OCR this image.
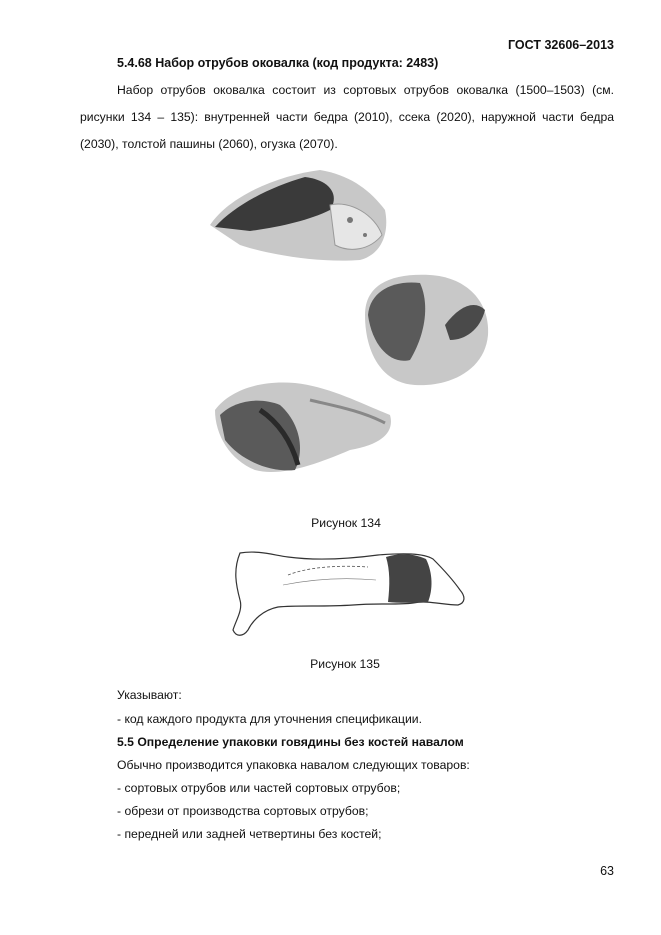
ГОСТ 32606–2013
5.4.68 Набор отрубов оковалка (код продукта: 2483)
Набор отрубов оковалка состоит из сортовых отрубов оковалка (1500–1503) (см. рисунки 134 – 135): внутренней части бедра (2010), ссека (2020), наружной части бедра (2030), толстой пашины (2060), огузка (2070).
Рисунок 134
Рисунок 135
Указывают:
- код каждого продукта для уточнения спецификации.
5.5 Определение упаковки говядины без костей навалом
Обычно производится упаковка навалом следующих товаров:
- сортовых отрубов или частей сортовых отрубов;
- обрези от производства сортовых отрубов;
- передней или задней четвертины без костей;
63
